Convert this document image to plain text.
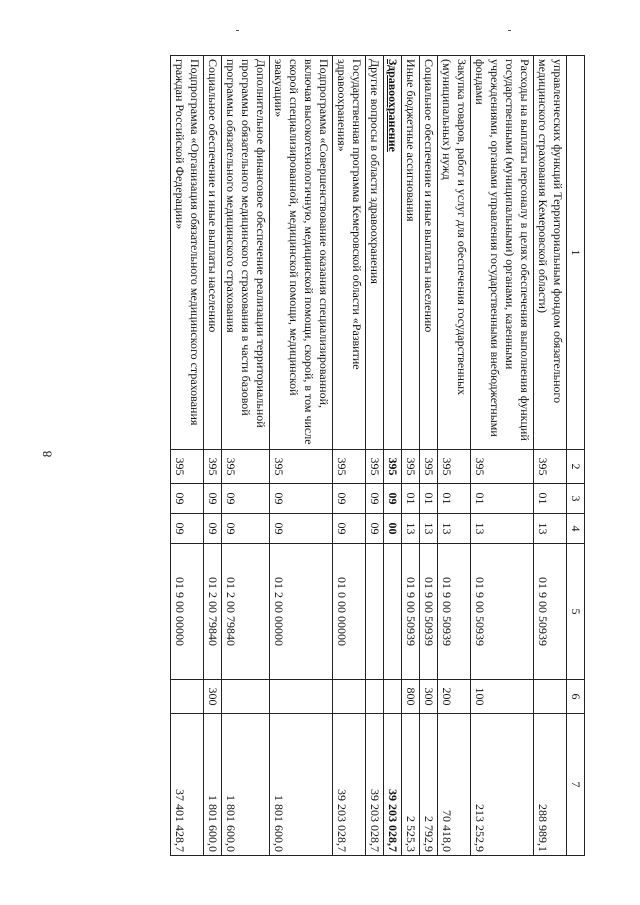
8
1	2	3	4	5	6	7
управленческих функций Территориальным фондом обязательного медицинского страхования Кемеровской области)	395	01	13	01 9 00 50939		288 989,1
Расходы на выплаты персоналу в целях обеспечения выполнения функций государственными (муниципальными) органами, казенными учреждениями, органами управления государственными внебюджетными фондами	395	01	13	01 9 00 50939	100	213 252,9
Закупка товаров, работ и услуг для обеспечения государственных (муниципальных) нужд	395	01	13	01 9 00 50939	200	70 418,0
Социальное обеспечение и иные выплаты населению	395	01	13	01 9 00 50939	300	2 792,9
Иные бюджетные ассигнования	395	01	13	01 9 00 50939	800	2 525,3
Здравоохранение	395	09	00			39 203 028,7
Другие вопросы в области здравоохранения	395	09	09			39 203 028,7
Государственная программа Кемеровской области «Развитие здравоохранения»	395	09	09	01 0 00 00000		39 203 028,7
Подпрограмма «Совершенствование оказания специализированной, включая высокотехнологичную, медицинской помощи, скорой, в том числе скорой специализированной, медицинской помощи, медицинской эвакуации»	395	09	09	01 2 00 00000		1 801 600,0
Дополнительное финансовое обеспечение реализации территориальной программы обязательного медицинского страхования в части базовой программы обязательного медицинского страхования	395	09	09	01 2 00 79840		1 801 600,0
Социальное обеспечение и иные выплаты населению	395	09	09	01 2 00 79840	300	1 801 600,0
Подпрограмма «Организация обязательного медицинского страхования граждан Российской Федерации»	395	09	09	01 9 00 00000		37 401 428,7
